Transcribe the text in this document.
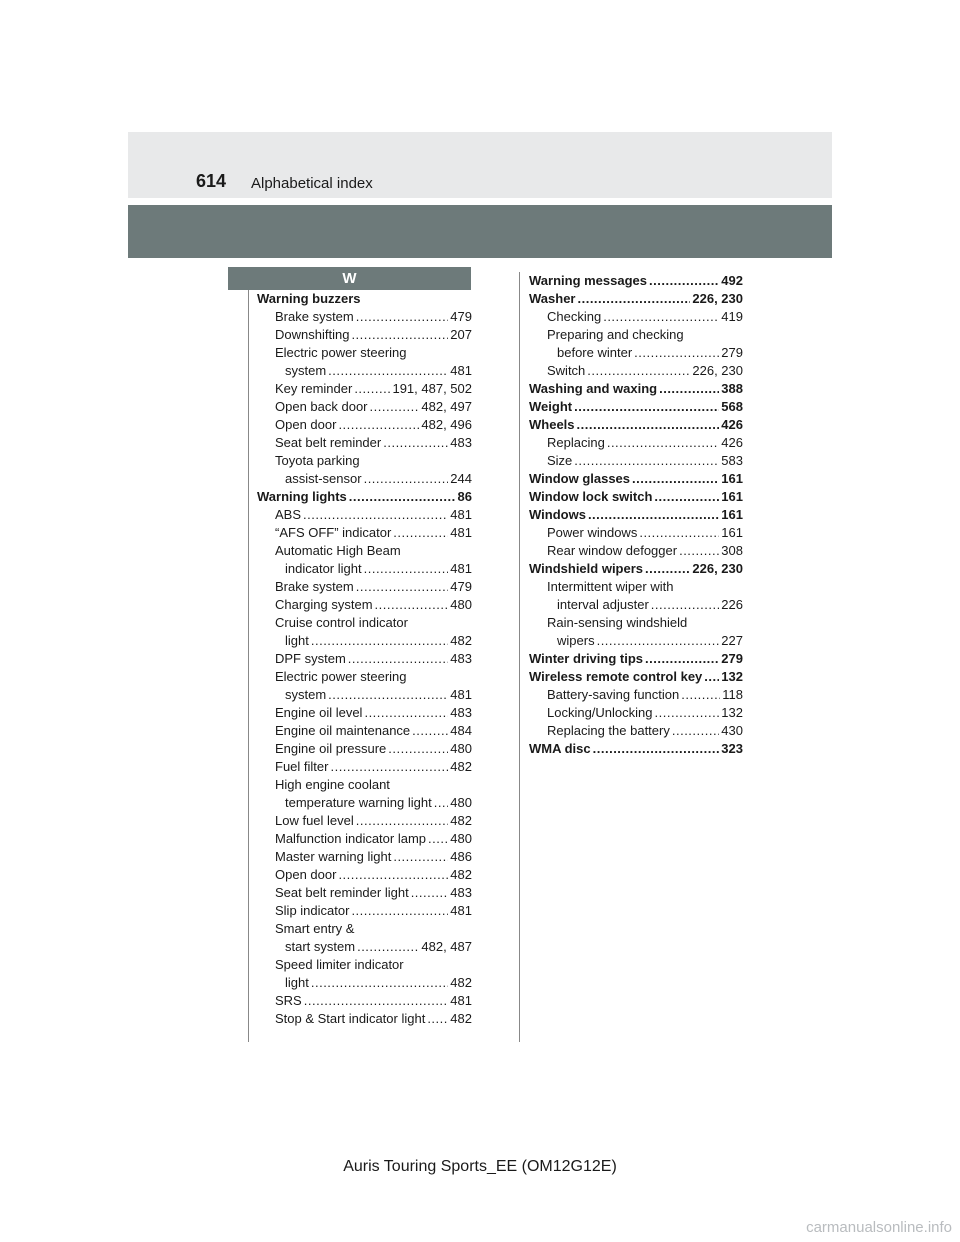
614 Alphabetical index
W
Warning buzzers
Brake system .....	479
Downshifting .....	207
Electric power steering
system .....	481
Key reminder .....	191, 487, 502
Open back door .....	482, 497
Open door .....	482, 496
Seat belt reminder .....	483
Toyota parking
assist-sensor .....	244
Warning lights .....	86
ABS .....	481
“AFS OFF” indicator .....	481
Automatic High Beam
indicator light .....	481
Brake system .....	479
Charging system .....	480
Cruise control indicator
light .....	482
DPF system .....	483
Electric power steering
system .....	481
Engine oil level .....	483
Engine oil maintenance .....	484
Engine oil pressure .....	480
Fuel filter .....	482
High engine coolant
temperature warning light ..... 480
Low fuel level .....	482
Malfunction indicator lamp ..... 480
Master warning light .....	486
Open door .....	482
Seat belt reminder light .....	483
Slip indicator .....	481
Smart entry &
start system .....	482, 487
Speed limiter indicator
light .....	482
SRS .....	481
Stop & Start indicator light ..... 482
Warning messages .....	492
Washer .....	226, 230
Checking .....	419
Preparing and checking
before winter .....	279
Switch .....	226, 230
Washing and waxing .....	388
Weight .....	568
Wheels .....	426
Replacing .....	426
Size .....	583
Window glasses .....	161
Window lock switch .....	161
Windows .....	161
Power windows .....	161
Rear window defogger .....	308
Windshield wipers .....	226, 230
Intermittent wiper with
interval adjuster .....	226
Rain-sensing windshield
wipers .....	227
Winter driving tips .....	279
Wireless remote control key ..... 132
Battery-saving function .....	118
Locking/Unlocking .....	132
Replacing the battery .....	430
WMA disc .....	323
Auris Touring Sports_EE (OM12G12E)
carmanualsonline.info
